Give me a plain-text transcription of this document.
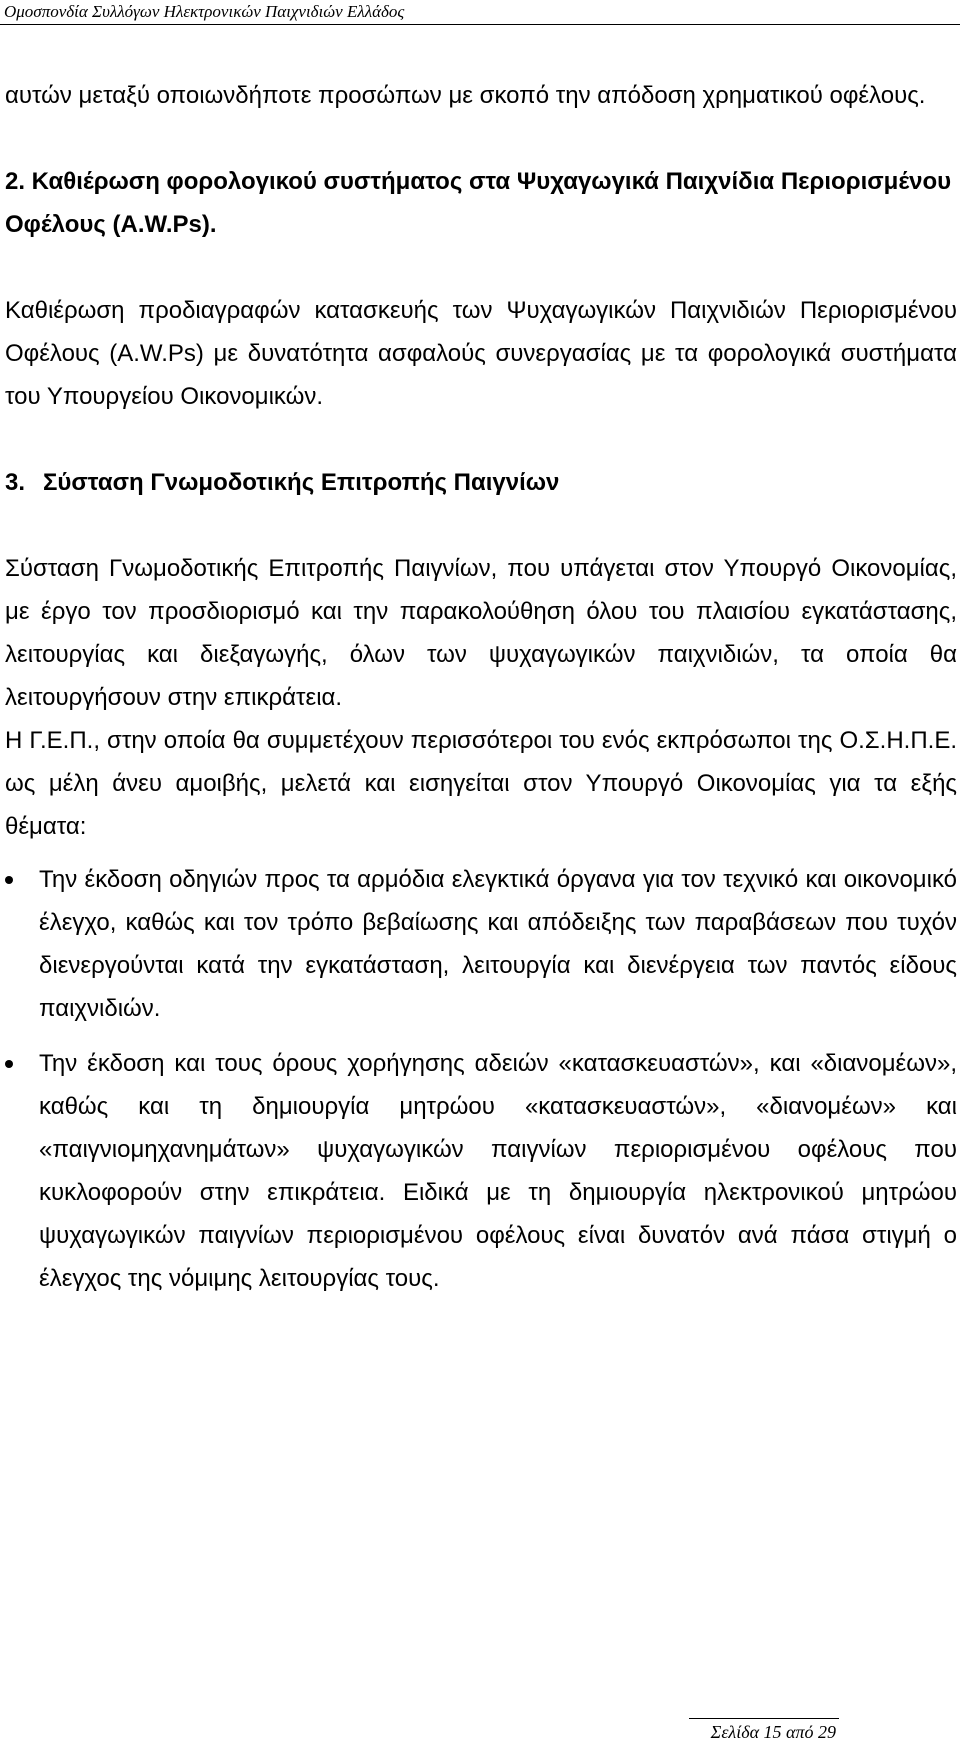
Ομοσπονδία Συλλόγων Ηλεκτρονικών Παιχνιδιών Ελλάδος

αυτών μεταξύ οποιωνδήποτε προσώπων με σκοπό την απόδοση χρηματικού οφέλους.

2. Καθιέρωση φορολογικού συστήματος στα Ψυχαγωγικά Παιχνίδια Περιορισμένου Οφέλους (A.W.Ps).

Καθιέρωση προδιαγραφών κατασκευής των Ψυχαγωγικών Παιχνιδιών Περιορισμένου Οφέλους (A.W.Ps) με δυνατότητα ασφαλούς συνεργασίας με τα φορολογικά συστήματα του Υπουργείου Οικονομικών.

3. Σύσταση Γνωμοδοτικής Επιτροπής Παιγνίων

Σύσταση Γνωμοδοτικής Επιτροπής Παιγνίων, που υπάγεται στον Υπουργό Οικονομίας, με έργο τον προσδιορισμό και την παρακολούθηση όλου του πλαισίου εγκατάστασης, λειτουργίας και διεξαγωγής, όλων των ψυχαγωγικών παιχνιδιών, τα οποία θα λειτουργήσουν στην επικράτεια.

Η Γ.Ε.Π., στην οποία θα συμμετέχουν περισσότεροι του ενός εκπρόσωποι της Ο.Σ.Η.Π.Ε. ως μέλη άνευ αμοιβής, μελετά και εισηγείται στον Υπουργό Οικονομίας για τα εξής θέματα:

Την έκδοση οδηγιών προς τα αρμόδια ελεγκτικά όργανα για τον τεχνικό και οικονομικό έλεγχο, καθώς και τον τρόπο βεβαίωσης και απόδειξης των παραβάσεων που τυχόν διενεργούνται κατά την εγκατάσταση, λειτουργία και διενέργεια των παντός είδους παιχνιδιών.
Την έκδοση και τους όρους χορήγησης αδειών «κατασκευαστών», και «διανομέων», καθώς και τη δημιουργία μητρώου «κατασκευαστών», «διανομέων» και «παιγνιομηχανημάτων» ψυχαγωγικών παιγνίων περιορισμένου οφέλους που κυκλοφορούν στην επικράτεια. Ειδικά με τη δημιουργία ηλεκτρονικού μητρώου ψυχαγωγικών παιγνίων περιορισμένου οφέλους είναι δυνατόν ανά πάσα στιγμή ο έλεγχος της νόμιμης λειτουργίας τους.
Σελίδα 15 από 29
